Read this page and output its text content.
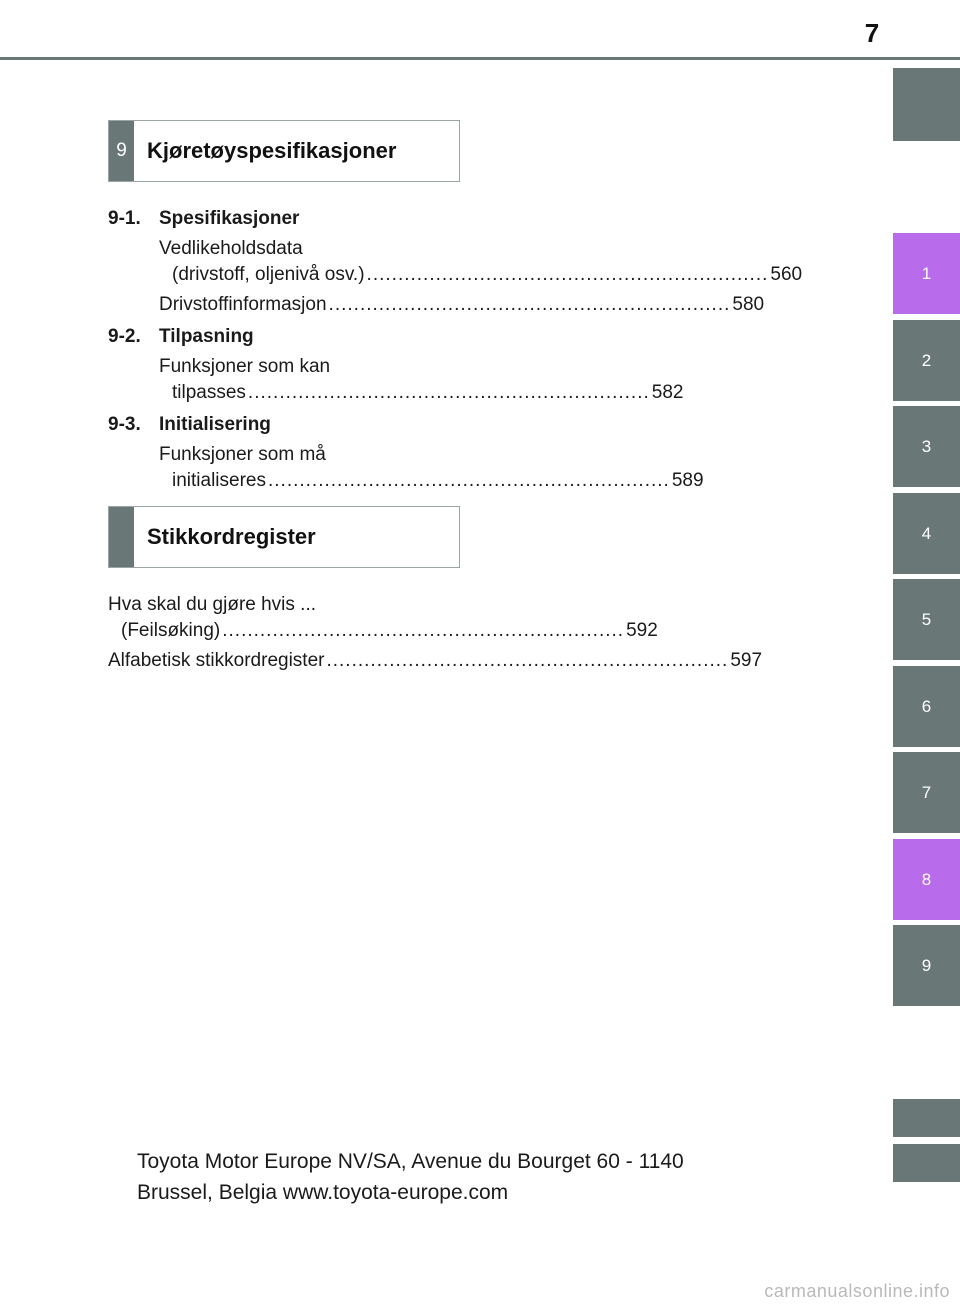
7
1
2
3
4
5
6
7
8
9
9 Kjøretøyspesifikasjoner
9-1. Spesifikasjoner
Vedlikeholdsdata
(drivstoff, oljenivå osv.) ................................................................ 560
Drivstoffinformasjon ................................................................ 580
9-2. Tilpasning
Funksjoner som kan
tilpasses ................................................................ 582
9-3. Initialisering
Funksjoner som må
initialiseres ................................................................ 589
Stikkordregister
Hva skal du gjøre hvis ...
(Feilsøking) ................................................................ 592
Alfabetisk stikkordregister ................................................................ 597
Toyota Motor Europe NV/SA, Avenue du Bourget 60 - 1140
Brussel, Belgia www.toyota-europe.com
carmanualsonline.info
